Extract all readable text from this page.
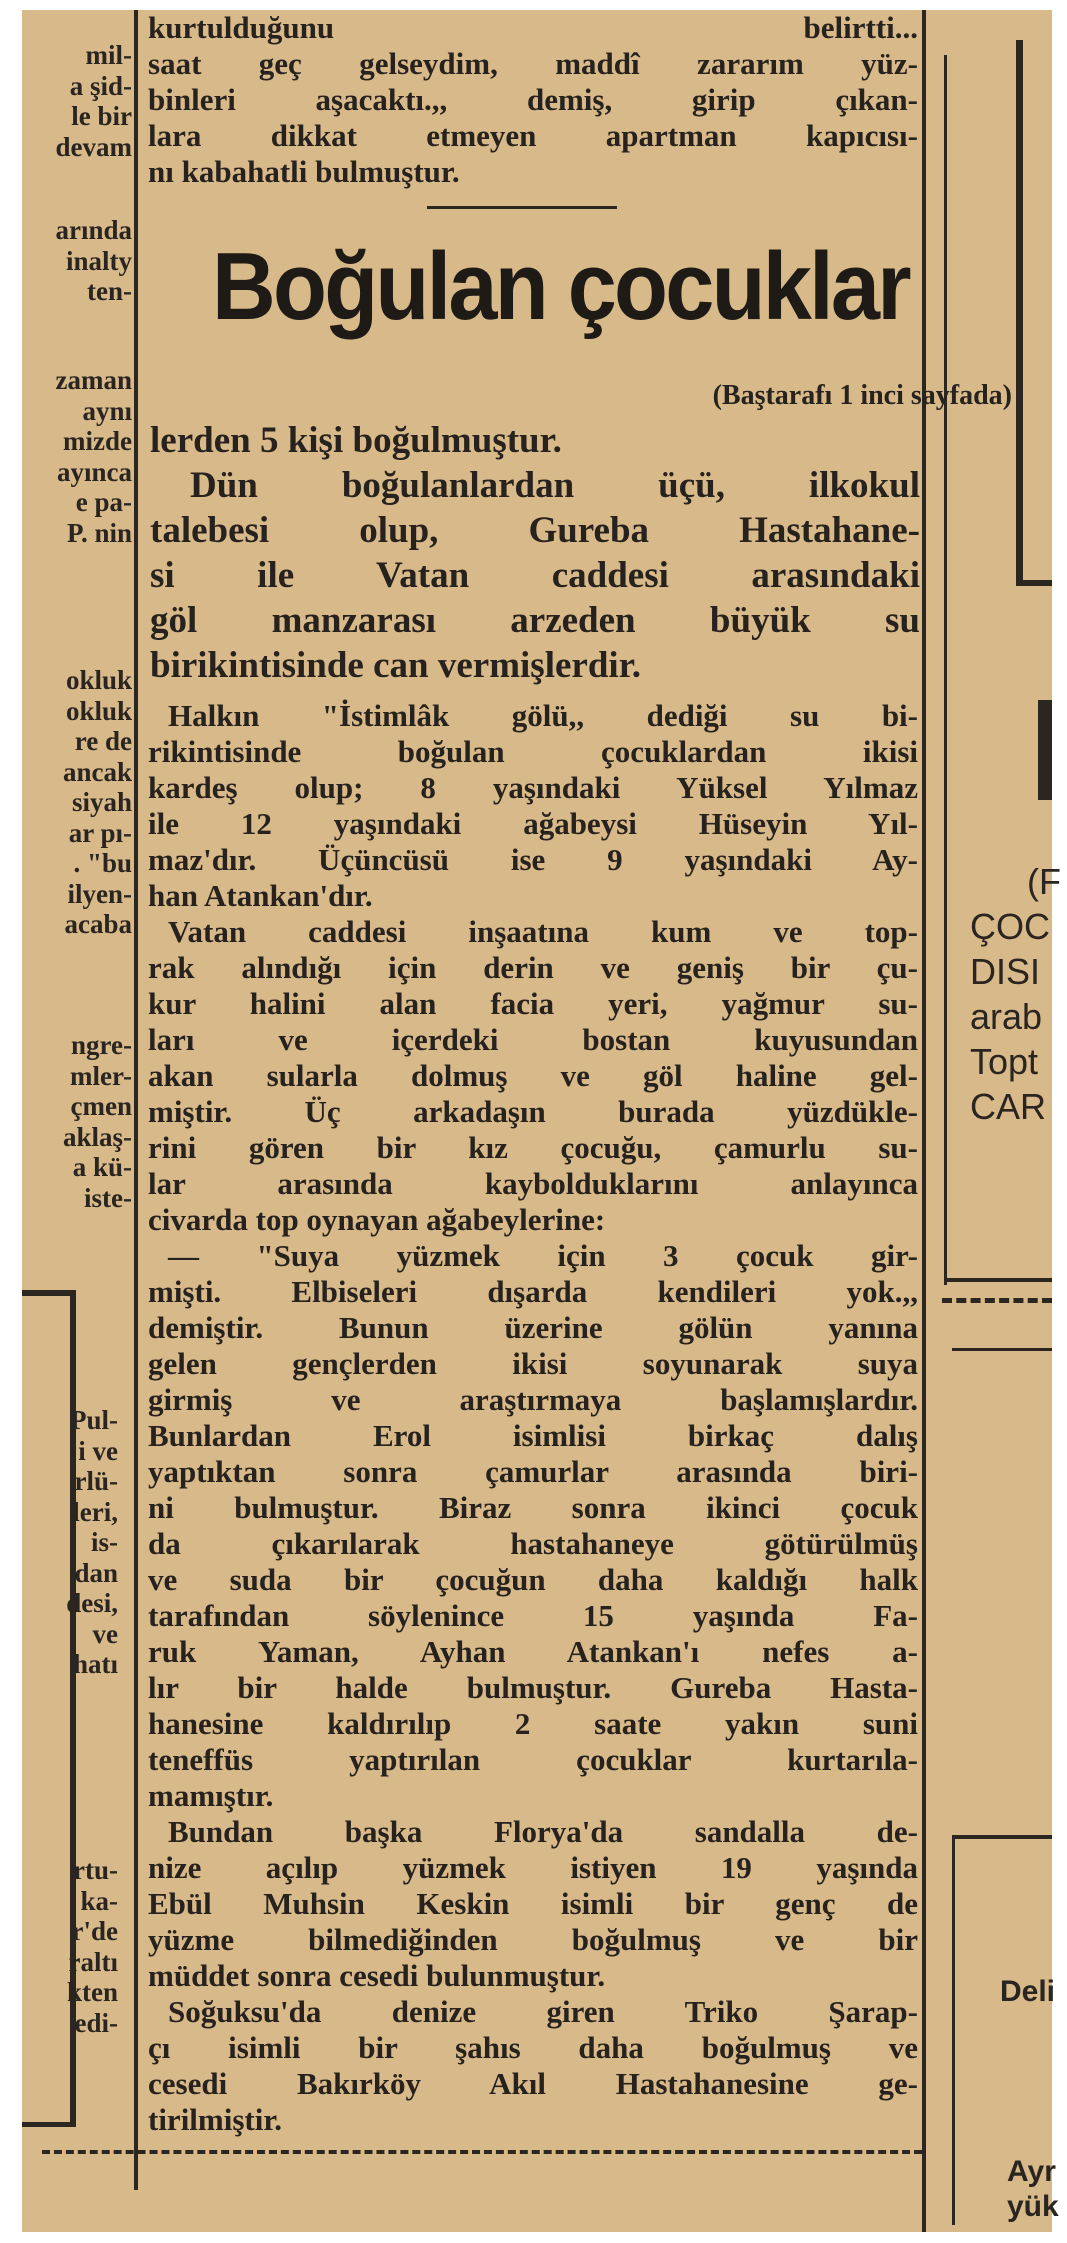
mil-
a şid-
le bir
devam
arında
inalty
ten-
zaman
aynı
mizde
ayınca
e pa-
P. nin
okluk
okluk
re de
ancak
siyah
ar pı-
. "bu
ilyen-
acaba
ngre-
mler-
çmen
aklaş-
a kü-
iste-
Pul-
i ve
rlü-
leri,
is-
dan
desi,
ve
hatı
rtu-
ka-
r'de
raltı
kten
edi-
kurtulduğunu belirtti...
saat geç gelseydim, maddî zararım yüz-
binleri aşacaktı.,, demiş, girip çıkan-
lara dikkat etmeyen apartman kapıcısı-
nı kabahatli bulmuştur.
Boğulan çocuklar
(Baştarafı 1 inci sayfada)
lerden 5 kişi boğulmuştur.
Dün boğulanlardan üçü, ilkokul
talebesi olup, Gureba Hastahane-
si ile Vatan caddesi arasındaki
göl manzarası arzeden büyük su
birikintisinde can vermişlerdir.
Halkın "İstimlâk gölü,, dediği su bi-
rikintisinde boğulan çocuklardan ikisi
kardeş olup; 8 yaşındaki Yüksel Yılmaz
ile 12 yaşındaki ağabeysi Hüseyin Yıl-
maz'dır. Üçüncüsü ise 9 yaşındaki Ay-
han Atankan'dır.
Vatan caddesi inşaatına kum ve top-
rak alındığı için derin ve geniş bir çu-
kur halini alan facia yeri, yağmur su-
ları ve içerdeki bostan kuyusundan
akan sularla dolmuş ve göl haline gel-
miştir. Üç arkadaşın burada yüzdükle-
rini gören bir kız çocuğu, çamurlu su-
lar arasında kaybolduklarını anlayınca
civarda top oynayan ağabeylerine:
— "Suya yüzmek için 3 çocuk gir-
mişti. Elbiseleri dışarda kendileri yok.,,
demiştir. Bunun üzerine gölün yanına
gelen gençlerden ikisi soyunarak suya
girmiş ve araştırmaya başlamışlardır.
Bunlardan Erol isimlisi birkaç dalış
yaptıktan sonra çamurlar arasında biri-
ni bulmuştur. Biraz sonra ikinci çocuk
da çıkarılarak hastahaneye götürülmüş
ve suda bir çocuğun daha kaldığı halk
tarafından söylenince 15 yaşında Fa-
ruk Yaman, Ayhan Atankan'ı nefes a-
lır bir halde bulmuştur. Gureba Hasta-
hanesine kaldırılıp 2 saate yakın suni
teneffüs yaptırılan çocuklar kurtarıla-
mamıştır.
Bundan başka Florya'da sandalla de-
nize açılıp yüzmek istiyen 19 yaşında
Ebül Muhsin Keskin isimli bir genç de
yüzme bilmediğinden boğulmuş ve bir
müddet sonra cesedi bulunmuştur.
Soğuksu'da denize giren Triko Şarap-
çı isimli bir şahıs daha boğulmuş ve
cesedi Bakırköy Akıl Hastahanesine ge-
tirilmiştir.
(F
ÇOC
DISI
arab
Topt
CAR
Deli
Ayr
yük
